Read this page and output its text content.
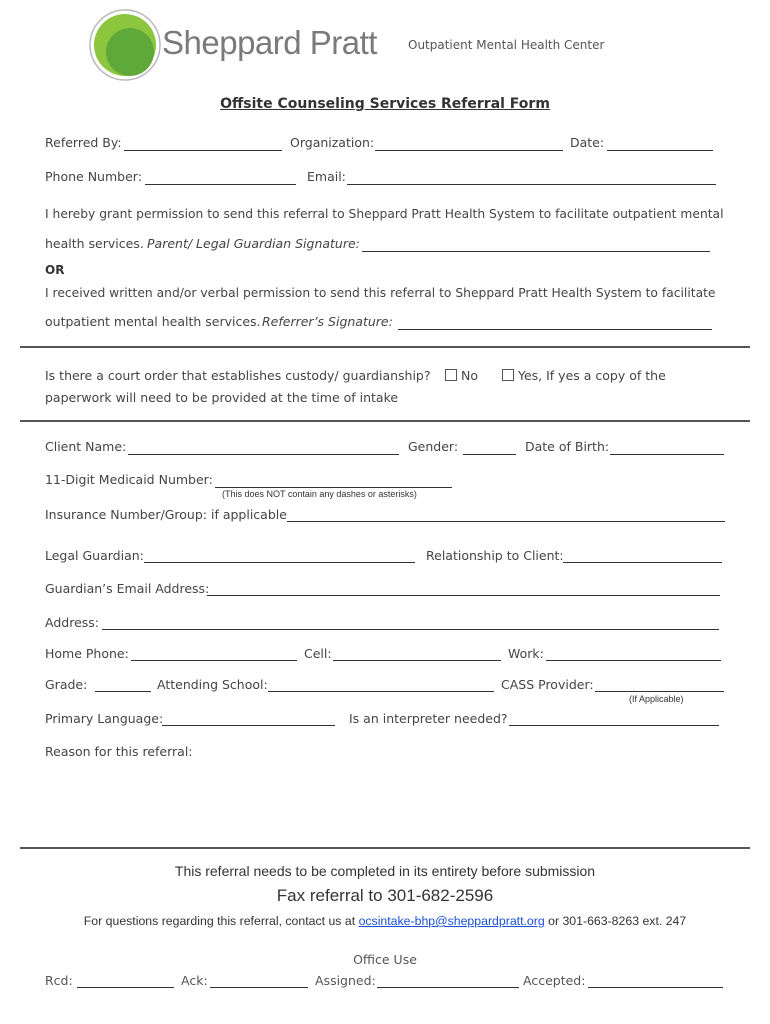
Sheppard Pratt	Outpatient Mental Health Center
Offsite Counseling Services Referral Form
Referred By:	Organization:	Date:
Phone Number:	Email:
I hereby grant permission to send this referral to Sheppard Pratt Health System to facilitate outpatient mental
health services. Parent/ Legal Guardian Signature:
OR
I received written and/or verbal permission to send this referral to Sheppard Pratt Health System to facilitate
outpatient mental health services. Referrer’s Signature:
Is there a court order that establishes custody/ guardianship?	No	Yes, If yes a copy of the
paperwork will need to be provided at the time of intake
Client Name:	Gender:	Date of Birth:
11-Digit Medicaid Number:
(This does NOT contain any dashes or asterisks)
Insurance Number/Group: if applicable
Legal Guardian:	Relationship to Client:
Guardian’s Email Address:
Address:
Home Phone:	Cell:	Work:
Grade:	Attending School:	CASS Provider:
(If Applicable)
Primary Language:	Is an interpreter needed?
Reason for this referral:
This referral needs to be completed in its entirety before submission
Fax referral to 301-682-2596
For questions regarding this referral, contact us at ocsintake-bhp@sheppardpratt.org or 301-663-8263 ext. 247
Office Use
Rcd:	Ack:	Assigned:	Accepted:
